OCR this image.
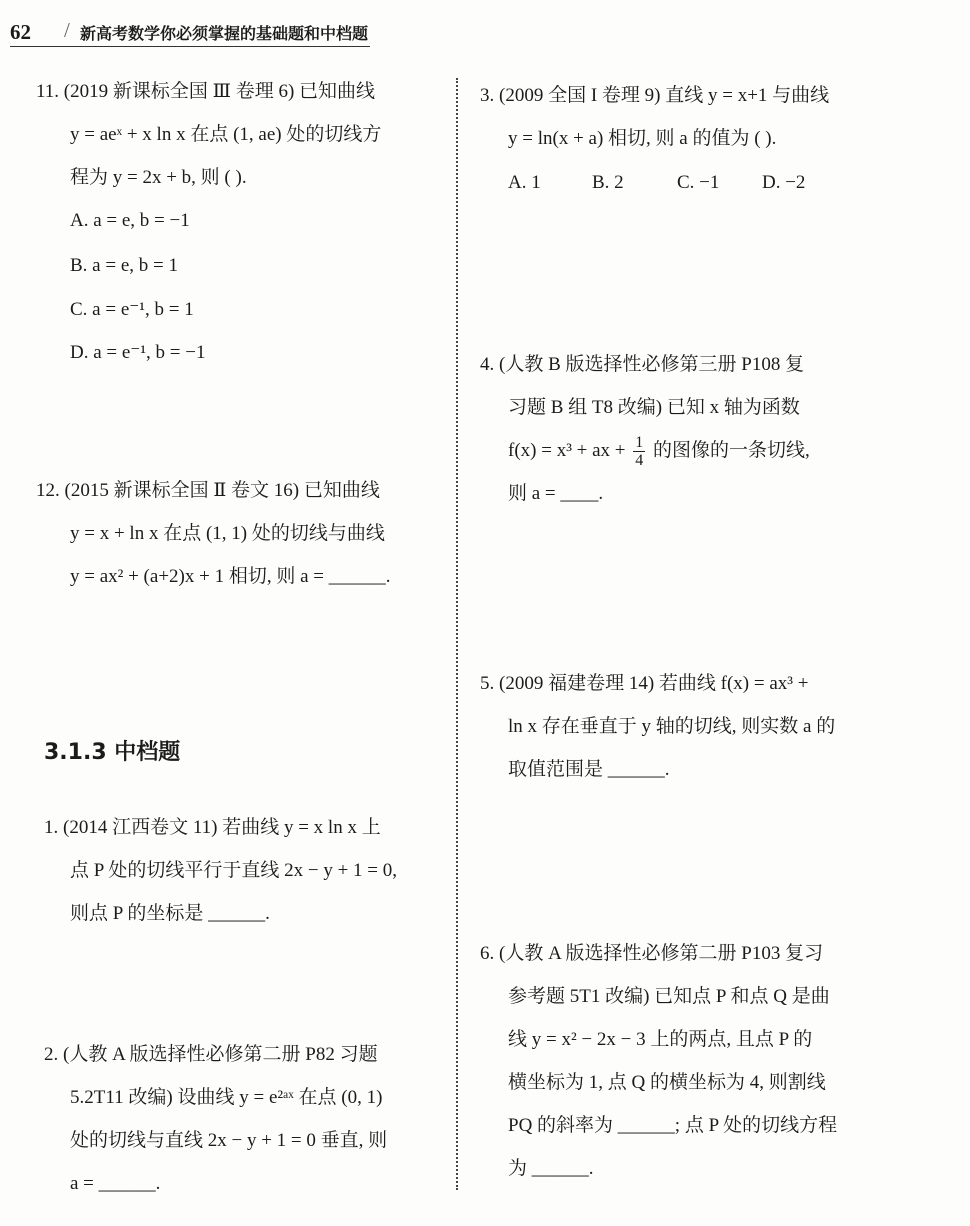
62 / 新高考数学你必须掌握的基础题和中档题
11. (2019 新课标全国 Ⅲ 卷理 6) 已知曲线
y = aeˣ + x ln x 在点 (1, ae) 处的切线方
程为 y = 2x + b, 则 ( ).
A. a = e, b = −1
B. a = e, b = 1
C. a = e⁻¹, b = 1
D. a = e⁻¹, b = −1
12. (2015 新课标全国 Ⅱ 卷文 16) 已知曲线
y = x + ln x 在点 (1, 1) 处的切线与曲线
y = ax² + (a+2)x + 1 相切, 则 a = ______.
3.1.3 中档题
1. (2014 江西卷文 11) 若曲线 y = x ln x 上
点 P 处的切线平行于直线 2x − y + 1 = 0,
则点 P 的坐标是 ______.
2. (人教 A 版选择性必修第二册 P82 习题
5.2T11 改编) 设曲线 y = e²ᵃˣ 在点 (0, 1)
处的切线与直线 2x − y + 1 = 0 垂直, 则
a = ______.
3. (2009 全国 I 卷理 9) 直线 y = x+1 与曲线
y = ln(x + a) 相切, 则 a 的值为 ( ).
A. 1	B. 2	C. −1 D. −2
4. (人教 B 版选择性必修第三册 P108 复
习题 B 组 T8 改编) 已知 x 轴为函数
f(x) = x³ + ax + $\frac{1}{4}$ 的图像的一条切线,
则 a = ____.
5. (2009 福建卷理 14) 若曲线 f(x) = ax³ +
ln x 存在垂直于 y 轴的切线, 则实数 a 的
取值范围是 ______.
6. (人教 A 版选择性必修第二册 P103 复习
参考题 5T1 改编) 已知点 P 和点 Q 是曲
线 y = x² − 2x − 3 上的两点, 且点 P 的
横坐标为 1, 点 Q 的横坐标为 4, 则割线
PQ 的斜率为 ______; 点 P 处的切线方程
为 ______.
